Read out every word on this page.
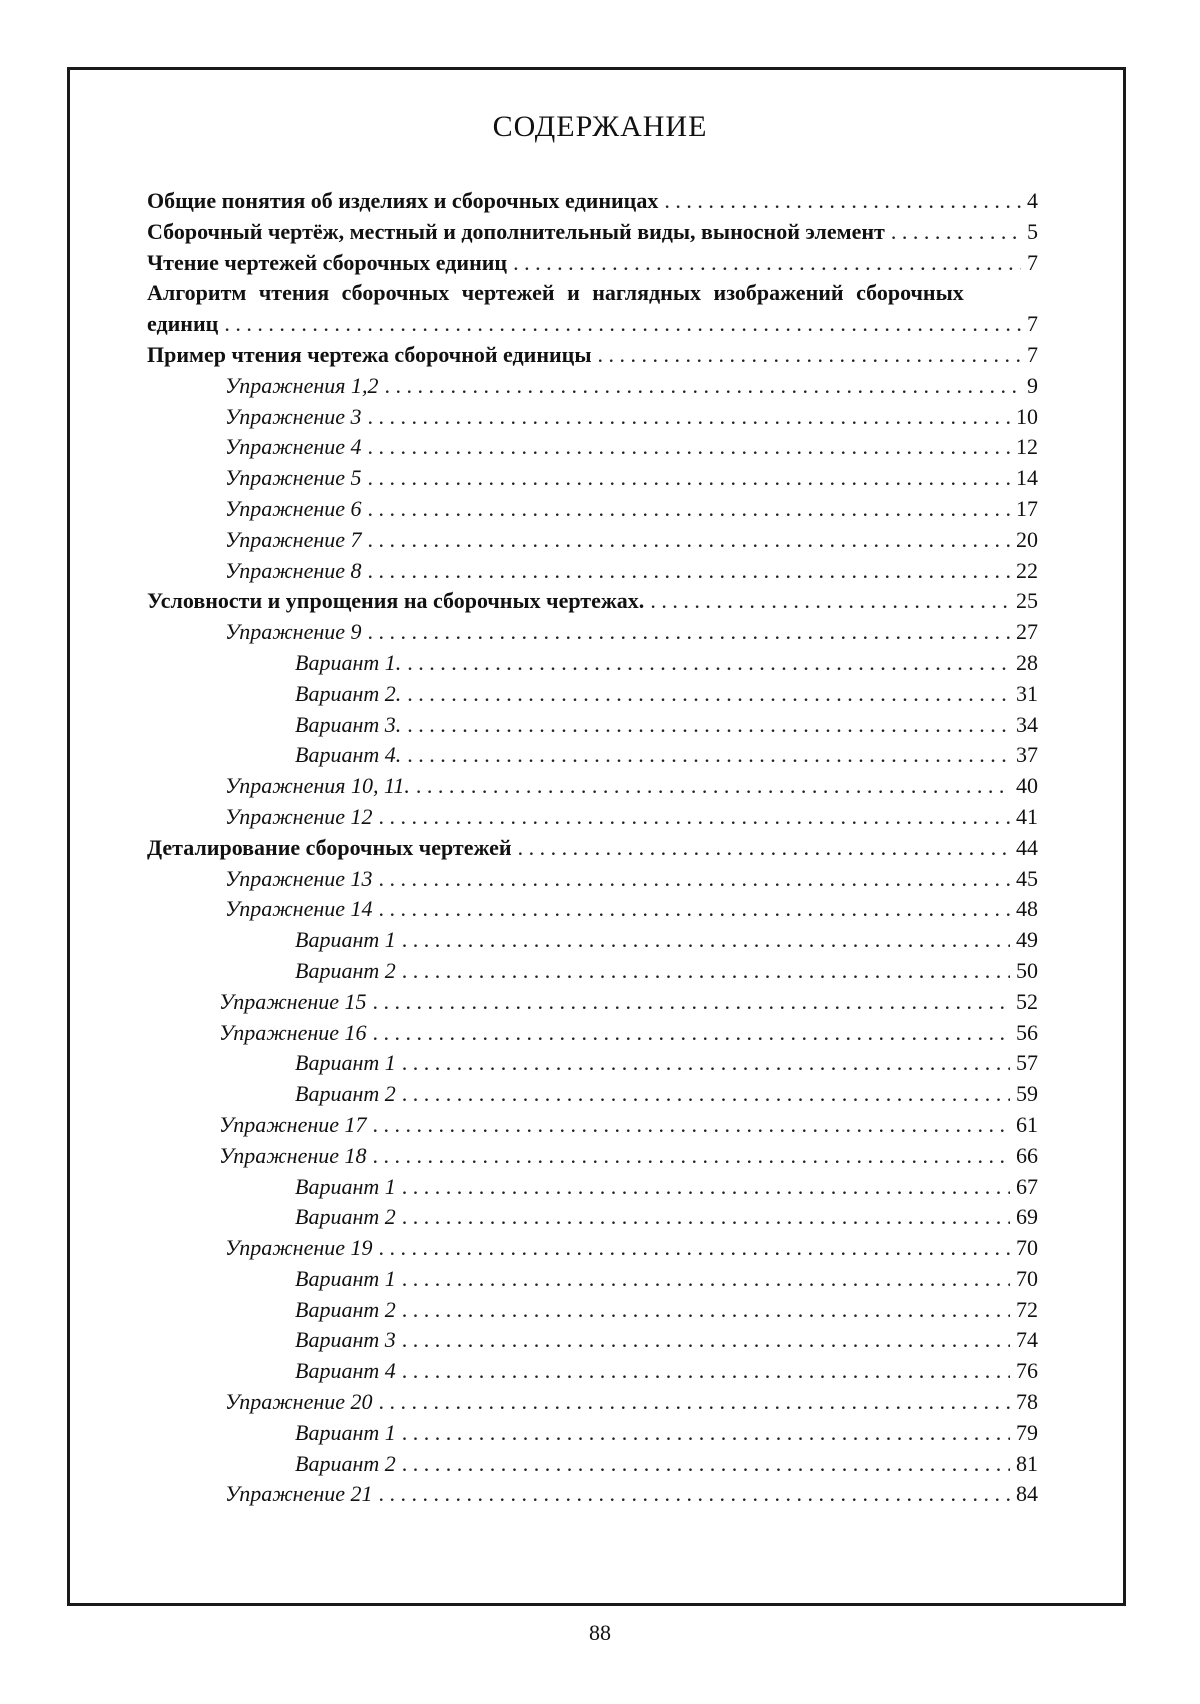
СОДЕРЖАНИЕ
Общие понятия об изделиях и сборочных единицах . . .	4
Сборочный чертёж, местный и дополнительный виды, выносной элемент . . .	5
Чтение чертежей сборочных единиц . . .	7
Алгоритм чтения сборочных чертежей и наглядных изображений сборочных
единиц . . .	7
Пример чтения чертежа сборочной единицы . . .	7
Упражнения 1,2 . . .	9
Упражнение 3 . . .	10
Упражнение 4 . . .	12
Упражнение 5 . . .	14
Упражнение 6 . . .	17
Упражнение 7 . . .	20
Упражнение 8 . . .	22
Условности и упрощения на сборочных чертежах. . . .	25
Упражнение 9 . . .	27
Вариант 1. . . .	28
Вариант 2. . . .	31
Вариант 3. . . .	34
Вариант 4. . . .	37
Упражнения 10, 11. . . .	40
Упражнение 12 . . .	41
Деталирование сборочных чертежей . . .	44
Упражнение 13 . . .	45
Упражнение 14 . . .	48
Вариант 1 . . .	49
Вариант 2 . . .	50
Упражнение 15 . . .	52
Упражнение 16 . . .	56
Вариант 1 . . .	57
Вариант 2 . . .	59
Упражнение 17 . . .	61
Упражнение 18 . . .	66
Вариант 1 . . .	67
Вариант 2 . . .	69
Упражнение 19 . . .	70
Вариант 1 . . .	70
Вариант 2 . . .	72
Вариант 3 . . .	74
Вариант 4 . . .	76
Упражнение 20 . . .	78
Вариант 1 . . .	79
Вариант 2 . . .	81
Упражнение 21 . . .	84
88
